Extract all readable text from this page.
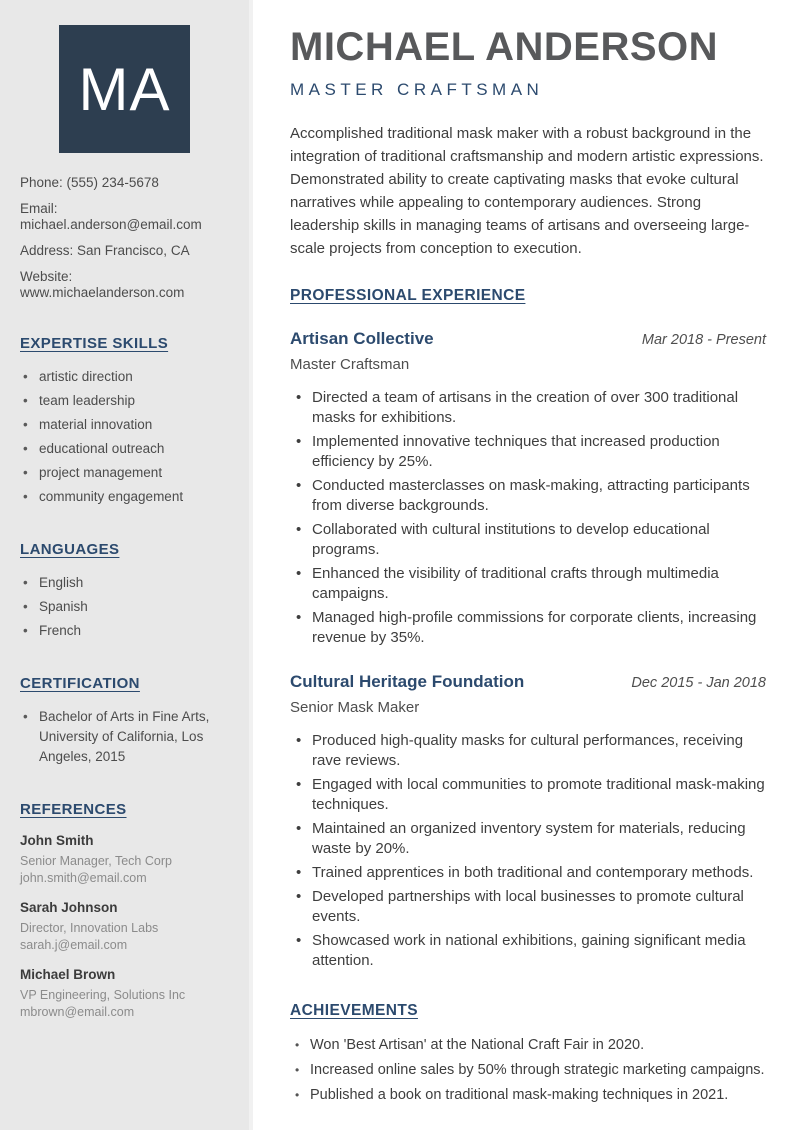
MA
Phone: (555) 234-5678
Email: michael.anderson@email.com
Address: San Francisco, CA
Website: www.michaelanderson.com
EXPERTISE SKILLS
• artistic direction
• team leadership
• material innovation
• educational outreach
• project management
• community engagement
LANGUAGES
• English
• Spanish
• French
CERTIFICATION
• Bachelor of Arts in Fine Arts, University of California, Los Angeles, 2015
REFERENCES
John Smith
Senior Manager, Tech Corp
john.smith@email.com
Sarah Johnson
Director, Innovation Labs
sarah.j@email.com
Michael Brown
VP Engineering, Solutions Inc
mbrown@email.com
MICHAEL ANDERSON
MASTER CRAFTSMAN

Accomplished traditional mask maker with a robust background in the integration of traditional craftsmanship and modern artistic expressions. Demonstrated ability to create captivating masks that evoke cultural narratives while appealing to contemporary audiences. Strong leadership skills in managing teams of artisans and overseeing large-scale projects from conception to execution.

PROFESSIONAL EXPERIENCE
Artisan Collective	Mar 2018 - Present
Master Craftsman
• Directed a team of artisans in the creation of over 300 traditional masks for exhibitions.
• Implemented innovative techniques that increased production efficiency by 25%.
• Conducted masterclasses on mask-making, attracting participants from diverse backgrounds.
• Collaborated with cultural institutions to develop educational programs.
• Enhanced the visibility of traditional crafts through multimedia campaigns.
• Managed high-profile commissions for corporate clients, increasing revenue by 35%.
Cultural Heritage Foundation	Dec 2015 - Jan 2018
Senior Mask Maker
• Produced high-quality masks for cultural performances, receiving rave reviews.
• Engaged with local communities to promote traditional mask-making techniques.
• Maintained an organized inventory system for materials, reducing waste by 20%.
• Trained apprentices in both traditional and contemporary methods.
• Developed partnerships with local businesses to promote cultural events.
• Showcased work in national exhibitions, gaining significant media attention.
ACHIEVEMENTS
• Won 'Best Artisan' at the National Craft Fair in 2020.
• Increased online sales by 50% through strategic marketing campaigns.
• Published a book on traditional mask-making techniques in 2021.
